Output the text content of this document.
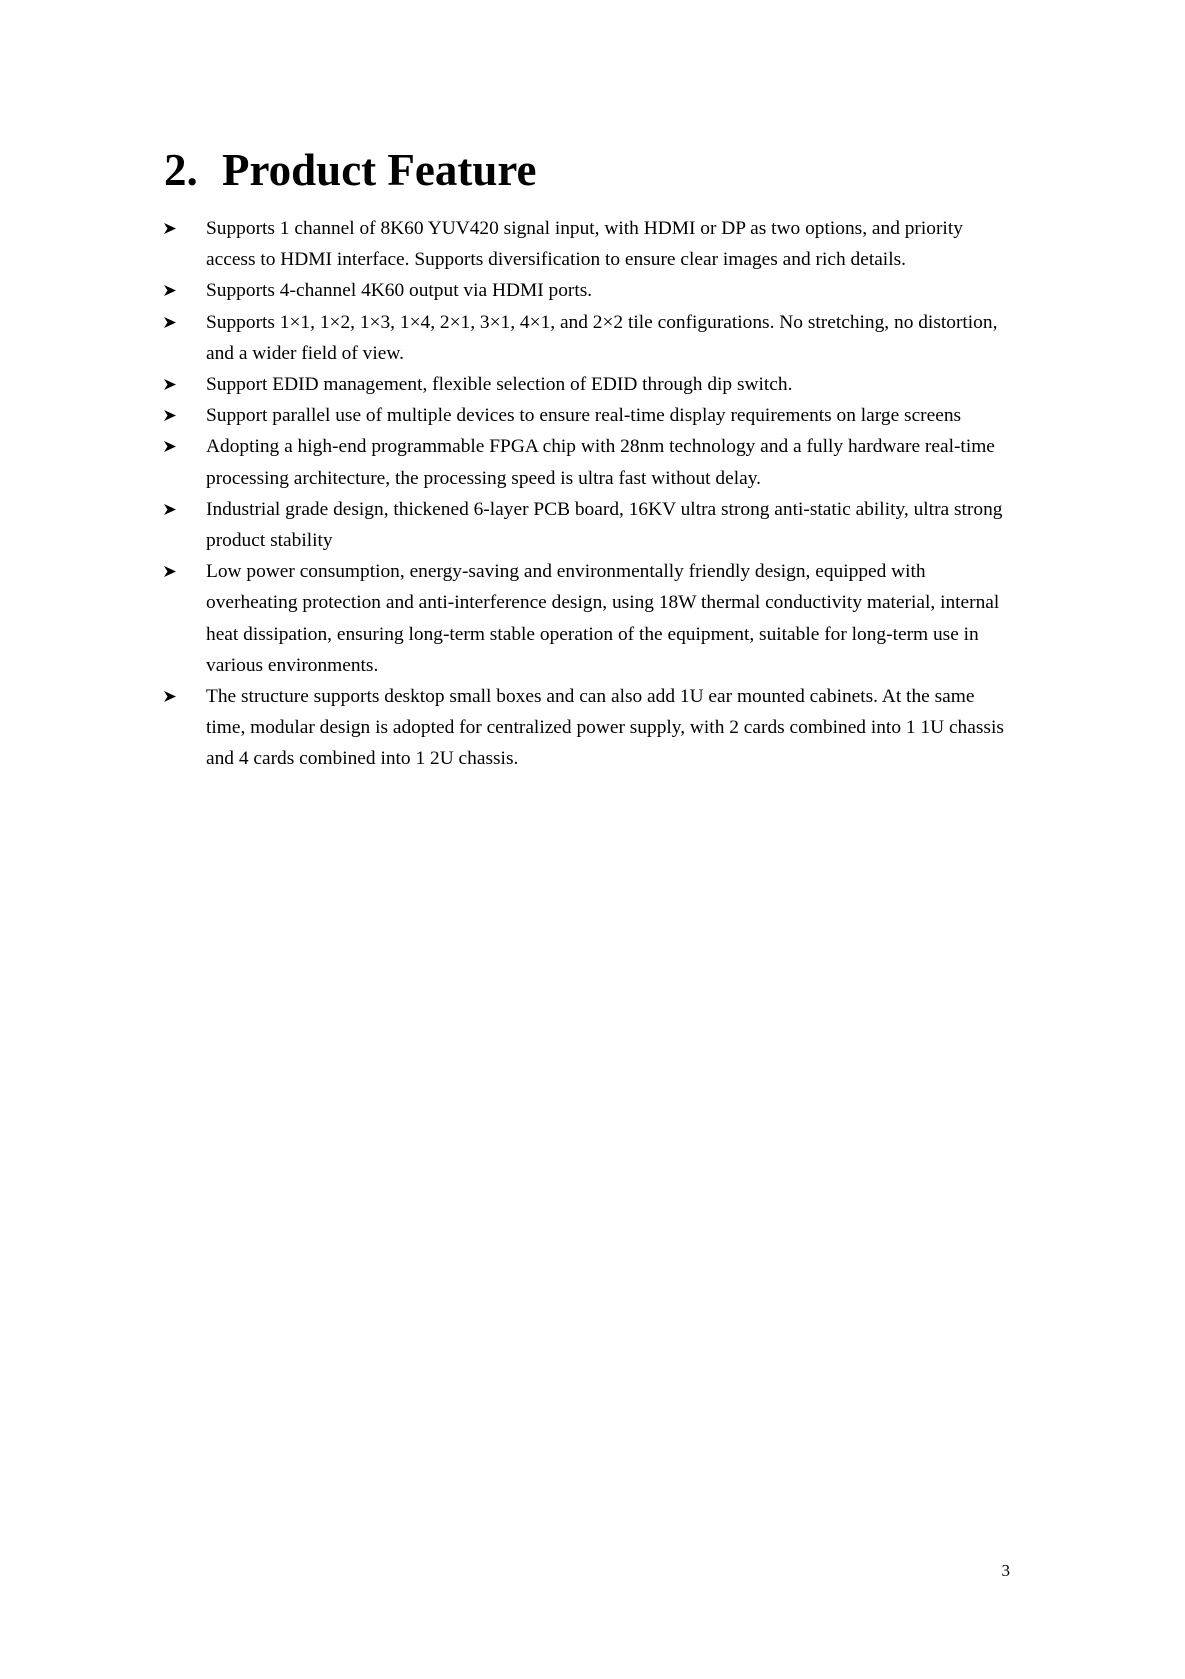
2. Product Feature
Supports 1 channel of 8K60 YUV420 signal input, with HDMI or DP as two options, and priority access to HDMI interface. Supports diversification to ensure clear images and rich details.
Supports 4-channel 4K60 output via HDMI ports.
Supports 1×1, 1×2, 1×3, 1×4, 2×1, 3×1, 4×1, and 2×2 tile configurations. No stretching, no distortion, and a wider field of view.
Support EDID management, flexible selection of EDID through dip switch.
Support parallel use of multiple devices to ensure real-time display requirements on large screens
Adopting a high-end programmable FPGA chip with 28nm technology and a fully hardware real-time processing architecture, the processing speed is ultra fast without delay.
Industrial grade design, thickened 6-layer PCB board, 16KV ultra strong anti-static ability, ultra strong product stability
Low power consumption, energy-saving and environmentally friendly design, equipped with overheating protection and anti-interference design, using 18W thermal conductivity material, internal heat dissipation, ensuring long-term stable operation of the equipment, suitable for long-term use in various environments.
The structure supports desktop small boxes and can also add 1U ear mounted cabinets. At the same time, modular design is adopted for centralized power supply, with 2 cards combined into 1 1U chassis and 4 cards combined into 1 2U chassis.
3
